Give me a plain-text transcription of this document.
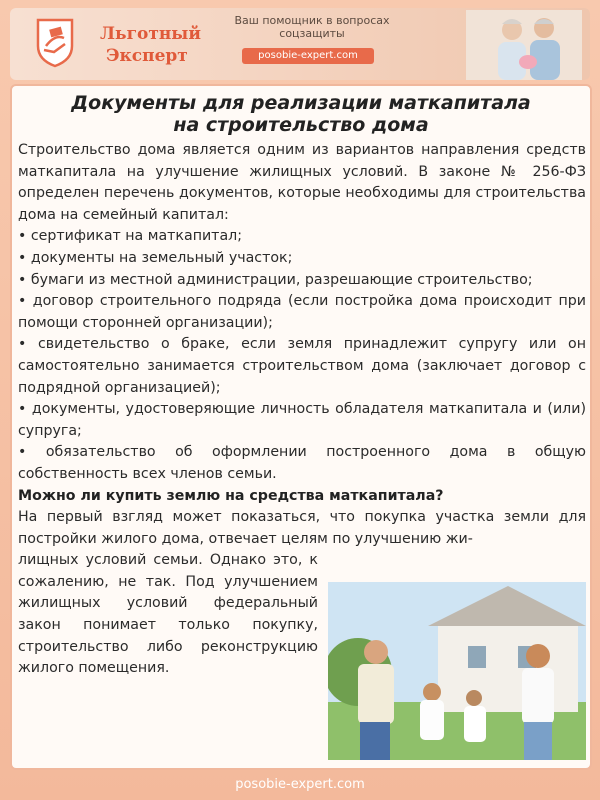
Льготный
Эксперт
Ваш помощник в вопросах соцзащиты
posobie-expert.com
Документы для реализации маткапитала
на строительство дома

Строительство дома является одним из вариантов направления средств маткапитала на улучшение жилищных условий. В законе № 256-ФЗ определен перечень документов, которые необходимы для строительства дома на семейный капитал:

• сертификат на маткапитал;

• документы на земельный участок;

• бумаги из местной администрации, разрешающие строительство;

• договор строительного подряда (если постройка дома происходит при помощи сторонней организации);

• свидетельство о браке, если земля принадлежит супругу или он самостоятельно занимается строительством дома (заключает договор с подрядной организацией);

• документы, удостоверяющие личность обладателя маткапитала и (или) супруга;

• обязательство об оформлении построенного дома в общую собственность всех членов семьи.

Можно ли купить землю на средства маткапитала?

На первый взгляд может показаться, что покупка участка земли для постройки жилого дома, отвечает целям по улучшению жи-

лищных условий семьи. Однако это, к сожалению, не так. Под улучшением жилищных условий федеральный закон понимает только покупку, строительство либо реконструкцию жилого помещения.

posobie-expert.com
